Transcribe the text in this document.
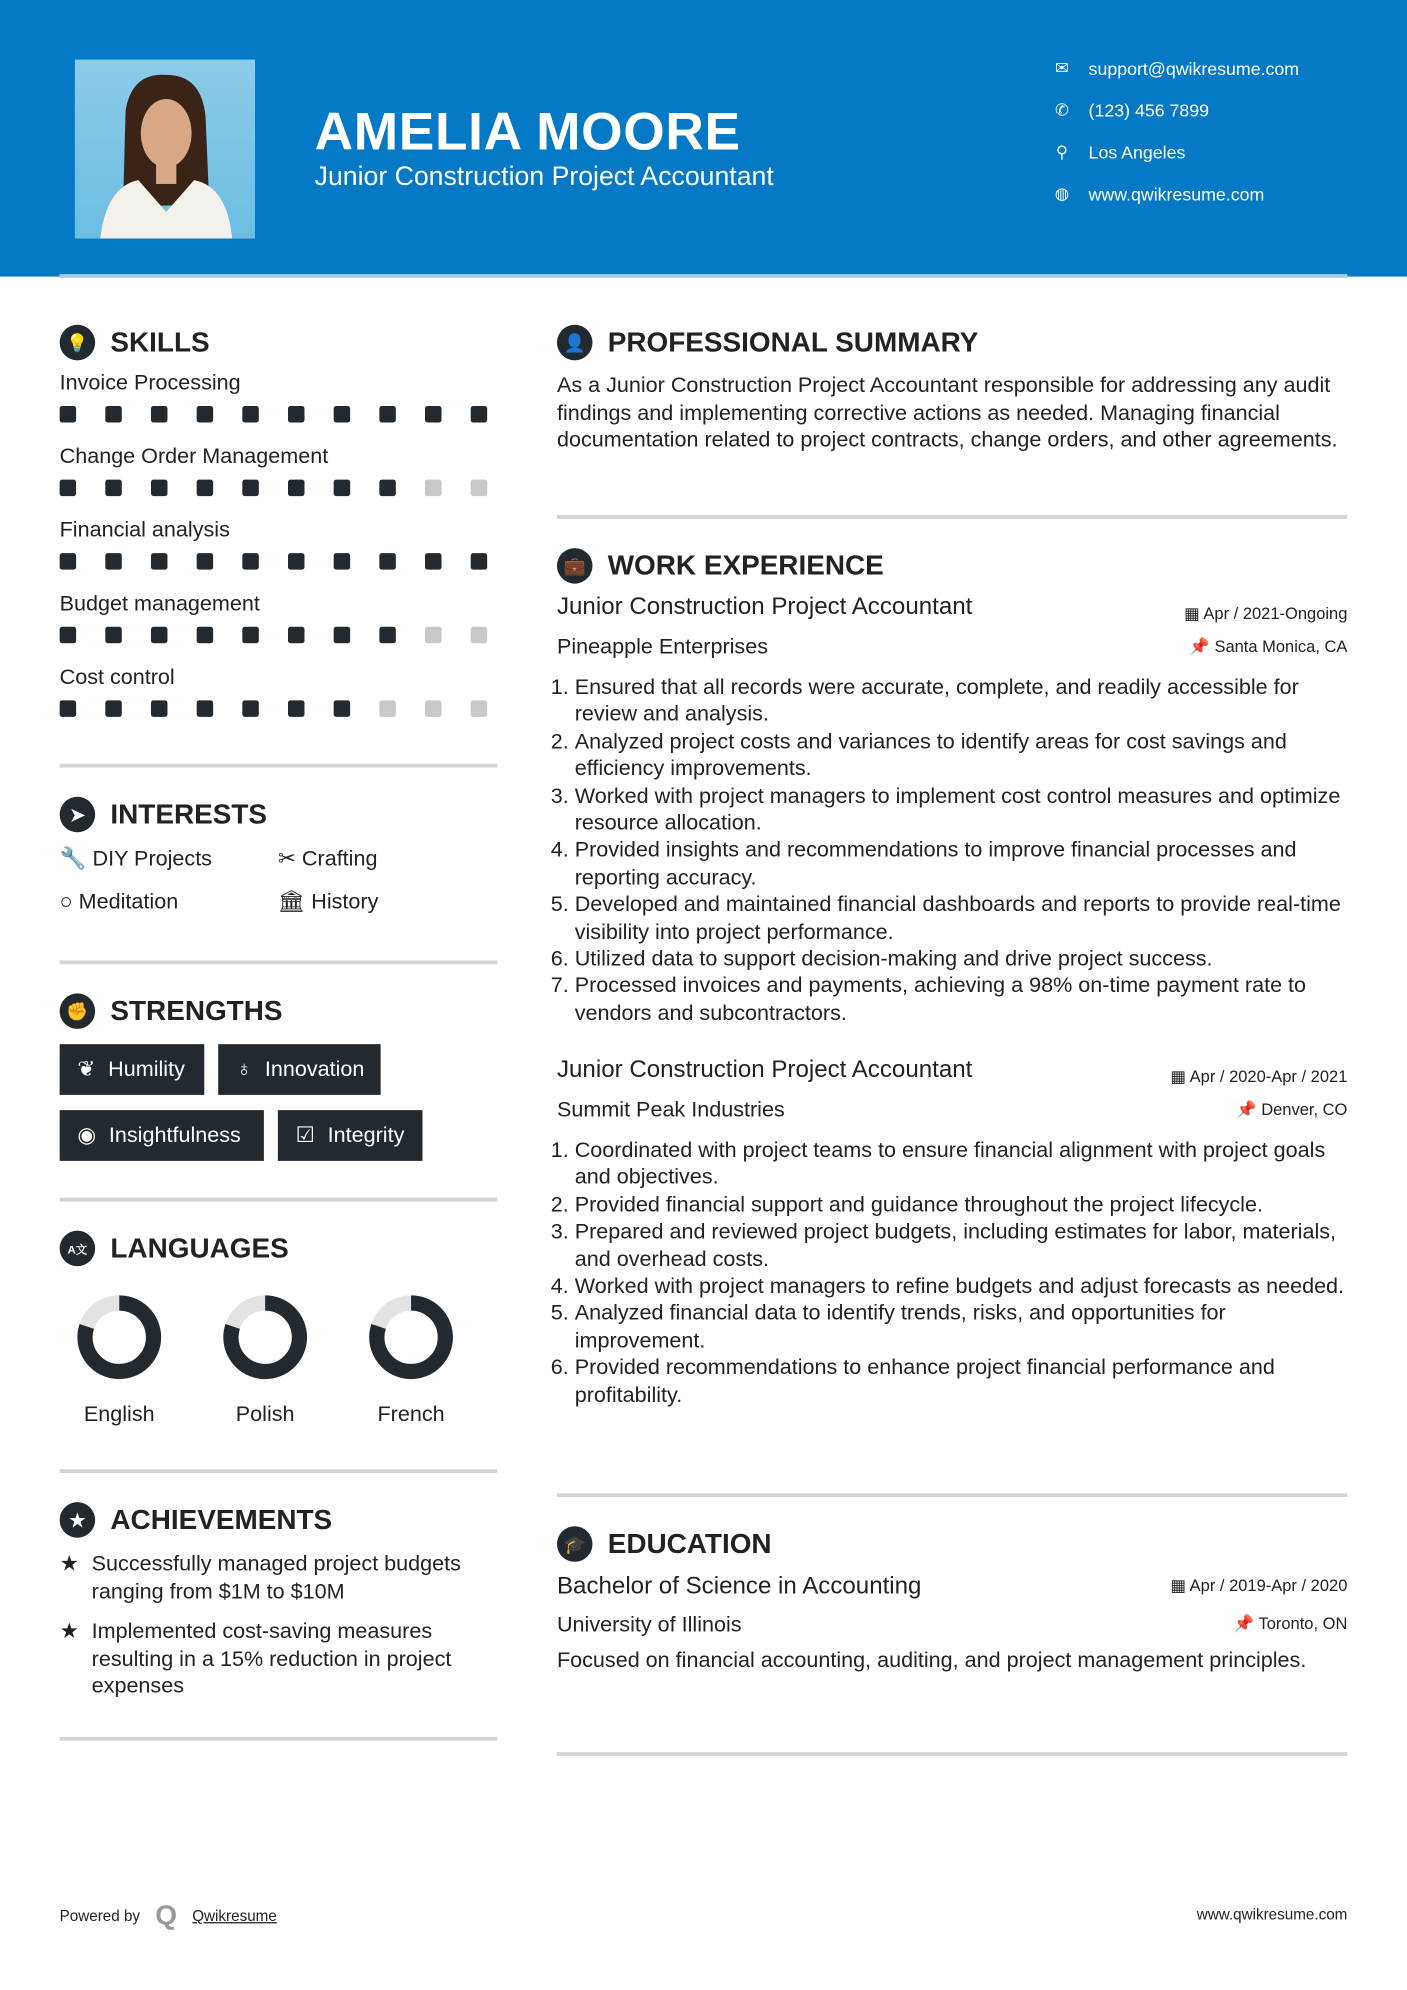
AMELIA MOORE
Junior Construction Project Accountant
✉ support@qwikresume.com
✆ (123) 456 7899
⚲ Los Angeles
◍ www.qwikresume.com
💡 SKILLS
Invoice Processing
Change Order Management
Financial analysis
Budget management
Cost control
➤	INTERESTS
🔧 DIY Projects	✂ Crafting
○ Meditation	🏛 History
✊ STRENGTHS
❦ Humility	♁ Innovation
◉ Insightfulness	☑ Integrity
A文	LANGUAGES
English	Polish	French
★	ACHIEVEMENTS
★ Successfully managed project budgets ranging from $1M to $10M
★ Implemented cost-saving measures resulting in a 15% reduction in project expenses
👤 PROFESSIONAL SUMMARY
As a Junior Construction Project Accountant responsible for addressing any audit findings and implementing corrective actions as needed. Managing financial documentation related to project contracts, change orders, and other agreements.
💼 WORK EXPERIENCE
Junior Construction Project Accountant	▦ Apr / 2021-Ongoing
Pineapple Enterprises	📌 Santa Monica, CA
1. Ensured that all records were accurate, complete, and readily accessible for review and analysis.
2. Analyzed project costs and variances to identify areas for cost savings and efficiency improvements.
3. Worked with project managers to implement cost control measures and optimize resource allocation.
4. Provided insights and recommendations to improve financial processes and reporting accuracy.
5. Developed and maintained financial dashboards and reports to provide real-time visibility into project performance.
6. Utilized data to support decision-making and drive project success.
7. Processed invoices and payments, achieving a 98% on-time payment rate to vendors and subcontractors.
Junior Construction Project Accountant	▦ Apr / 2020-Apr / 2021
Summit Peak Industries	📌 Denver, CO
1. Coordinated with project teams to ensure financial alignment with project goals and objectives.
2. Provided financial support and guidance throughout the project lifecycle.
3. Prepared and reviewed project budgets, including estimates for labor, materials, and overhead costs.
4. Worked with project managers to refine budgets and adjust forecasts as needed.
5. Analyzed financial data to identify trends, risks, and opportunities for improvement.
6. Provided recommendations to enhance project financial performance and profitability.
🎓 EDUCATION
Bachelor of Science in Accounting	▦ Apr / 2019-Apr / 2020
University of Illinois	📌 Toronto, ON
Focused on financial accounting, auditing, and project management principles.
Powered by Q Qwikresume	www.qwikresume.com
